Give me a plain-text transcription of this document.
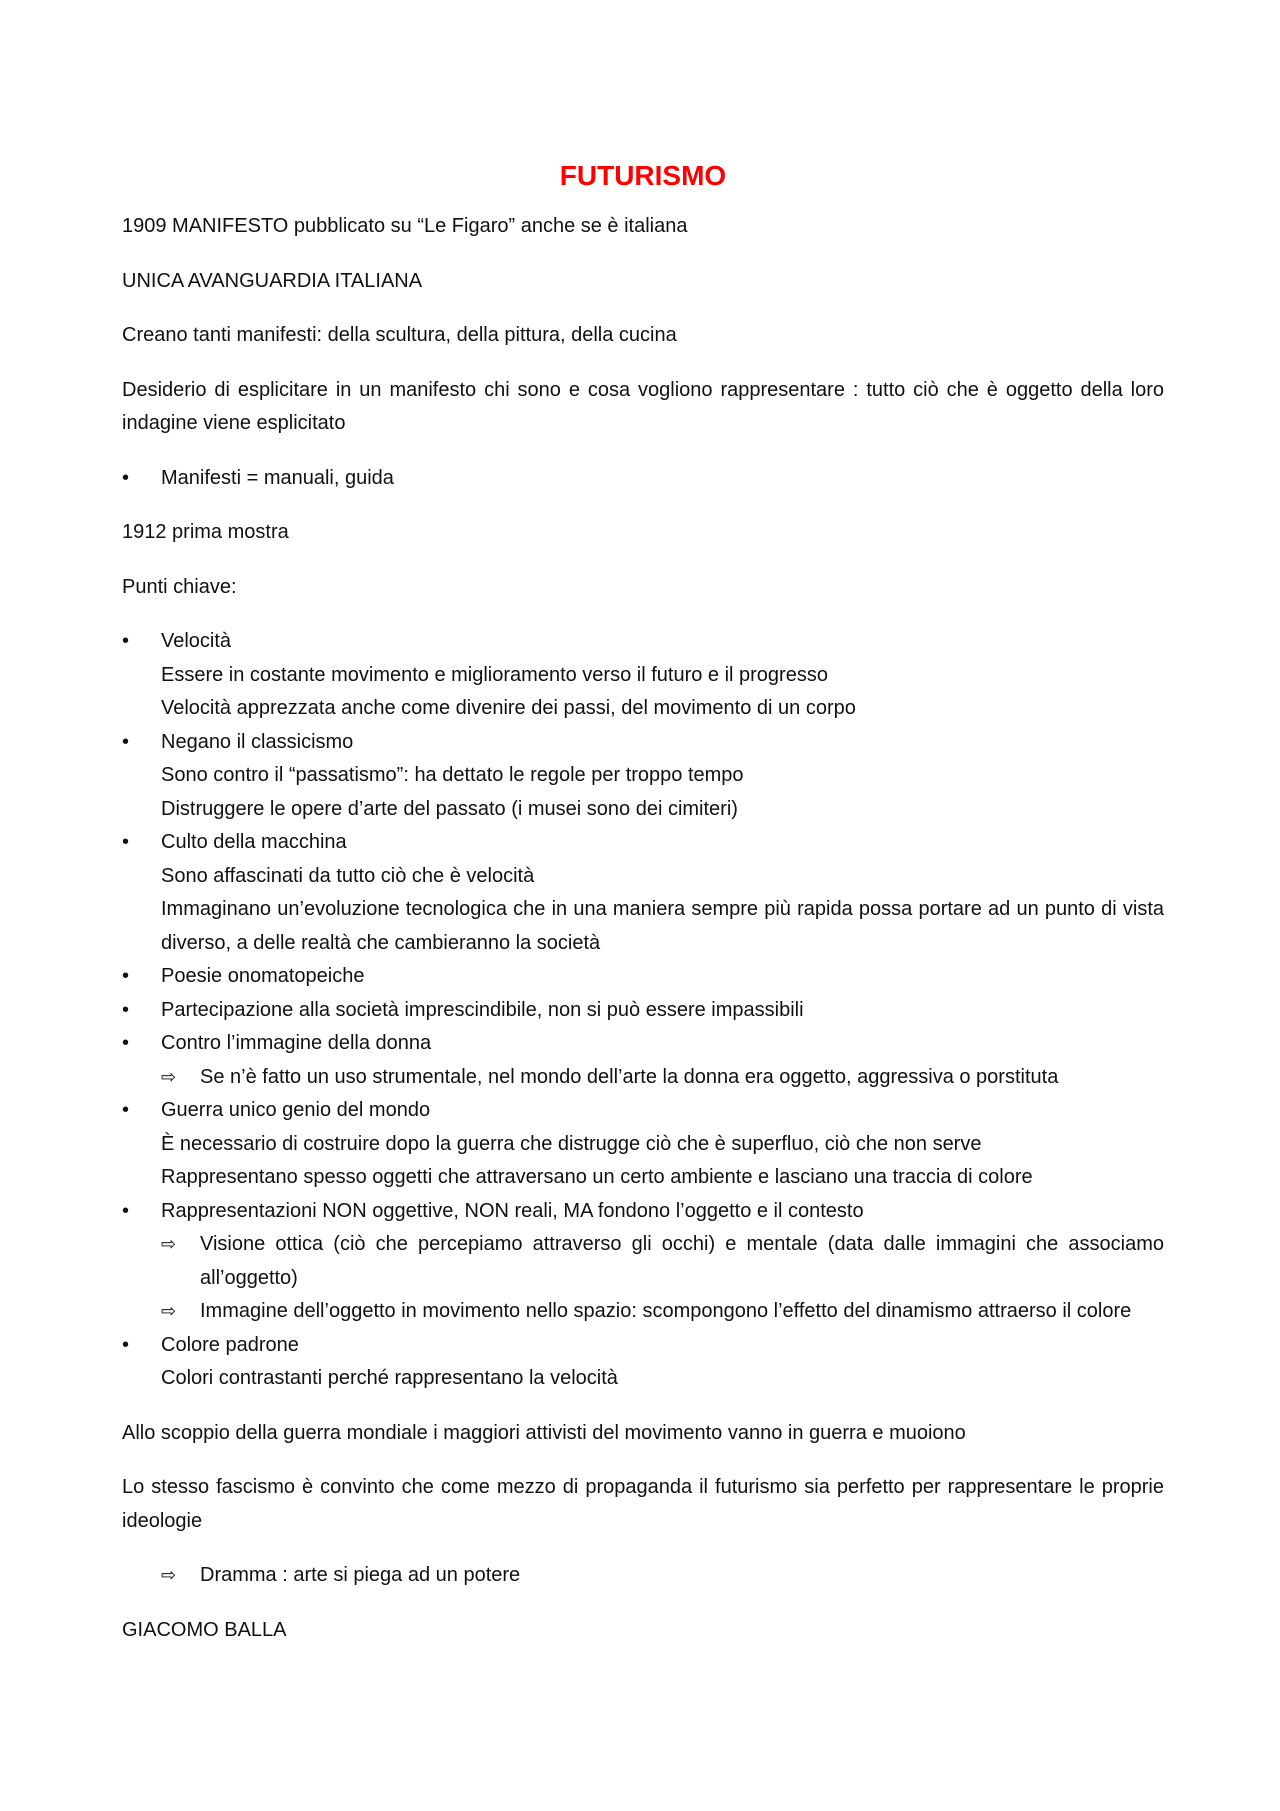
FUTURISMO
1909 MANIFESTO pubblicato su “Le Figaro” anche se è italiana
UNICA AVANGUARDIA ITALIANA
Creano tanti manifesti: della scultura, della pittura, della cucina
Desiderio di esplicitare in un manifesto chi sono e cosa vogliono rappresentare : tutto ciò che è oggetto della loro indagine viene esplicitato
•	Manifesti = manuali, guida
1912 prima mostra
Punti chiave:
•	Velocità
Essere in costante movimento e miglioramento verso il futuro e il progresso
Velocità apprezzata anche come divenire dei passi, del movimento di un corpo
•	Negano il classicismo
Sono contro il “passatismo”: ha dettato le regole per troppo tempo
Distruggere le opere d’arte del passato (i musei sono dei cimiteri)
•	Culto della macchina
Sono affascinati da tutto ciò che è velocità
Immaginano un’evoluzione tecnologica che in una maniera sempre più rapida possa portare ad un punto di vista diverso, a delle realtà che cambieranno la società
•	Poesie onomatopeiche
•	Partecipazione alla società imprescindibile, non si può essere impassibili
•	Contro l’immagine della donna
⇨	Se n’è fatto un uso strumentale, nel mondo dell’arte la donna era oggetto, aggressiva o porstituta
•	Guerra unico genio del mondo
È necessario di costruire dopo la guerra che distrugge ciò che è superfluo, ciò che non serve
Rappresentano spesso oggetti che attraversano un certo ambiente e lasciano una traccia di colore
•	Rappresentazioni NON oggettive, NON reali, MA fondono l’oggetto e il contesto
⇨	Visione ottica (ciò che percepiamo attraverso gli occhi) e mentale (data dalle immagini che associamo all’oggetto)
⇨	Immagine dell’oggetto in movimento nello spazio: scompongono l’effetto del dinamismo attraerso il colore
•	Colore padrone
Colori contrastanti perché rappresentano la velocità
Allo scoppio della guerra mondiale i maggiori attivisti del movimento vanno in guerra e muoiono
Lo stesso fascismo è convinto che come mezzo di propaganda il futurismo sia perfetto per rappresentare le proprie ideologie
⇨	Dramma : arte si piega ad un potere
GIACOMO BALLA
